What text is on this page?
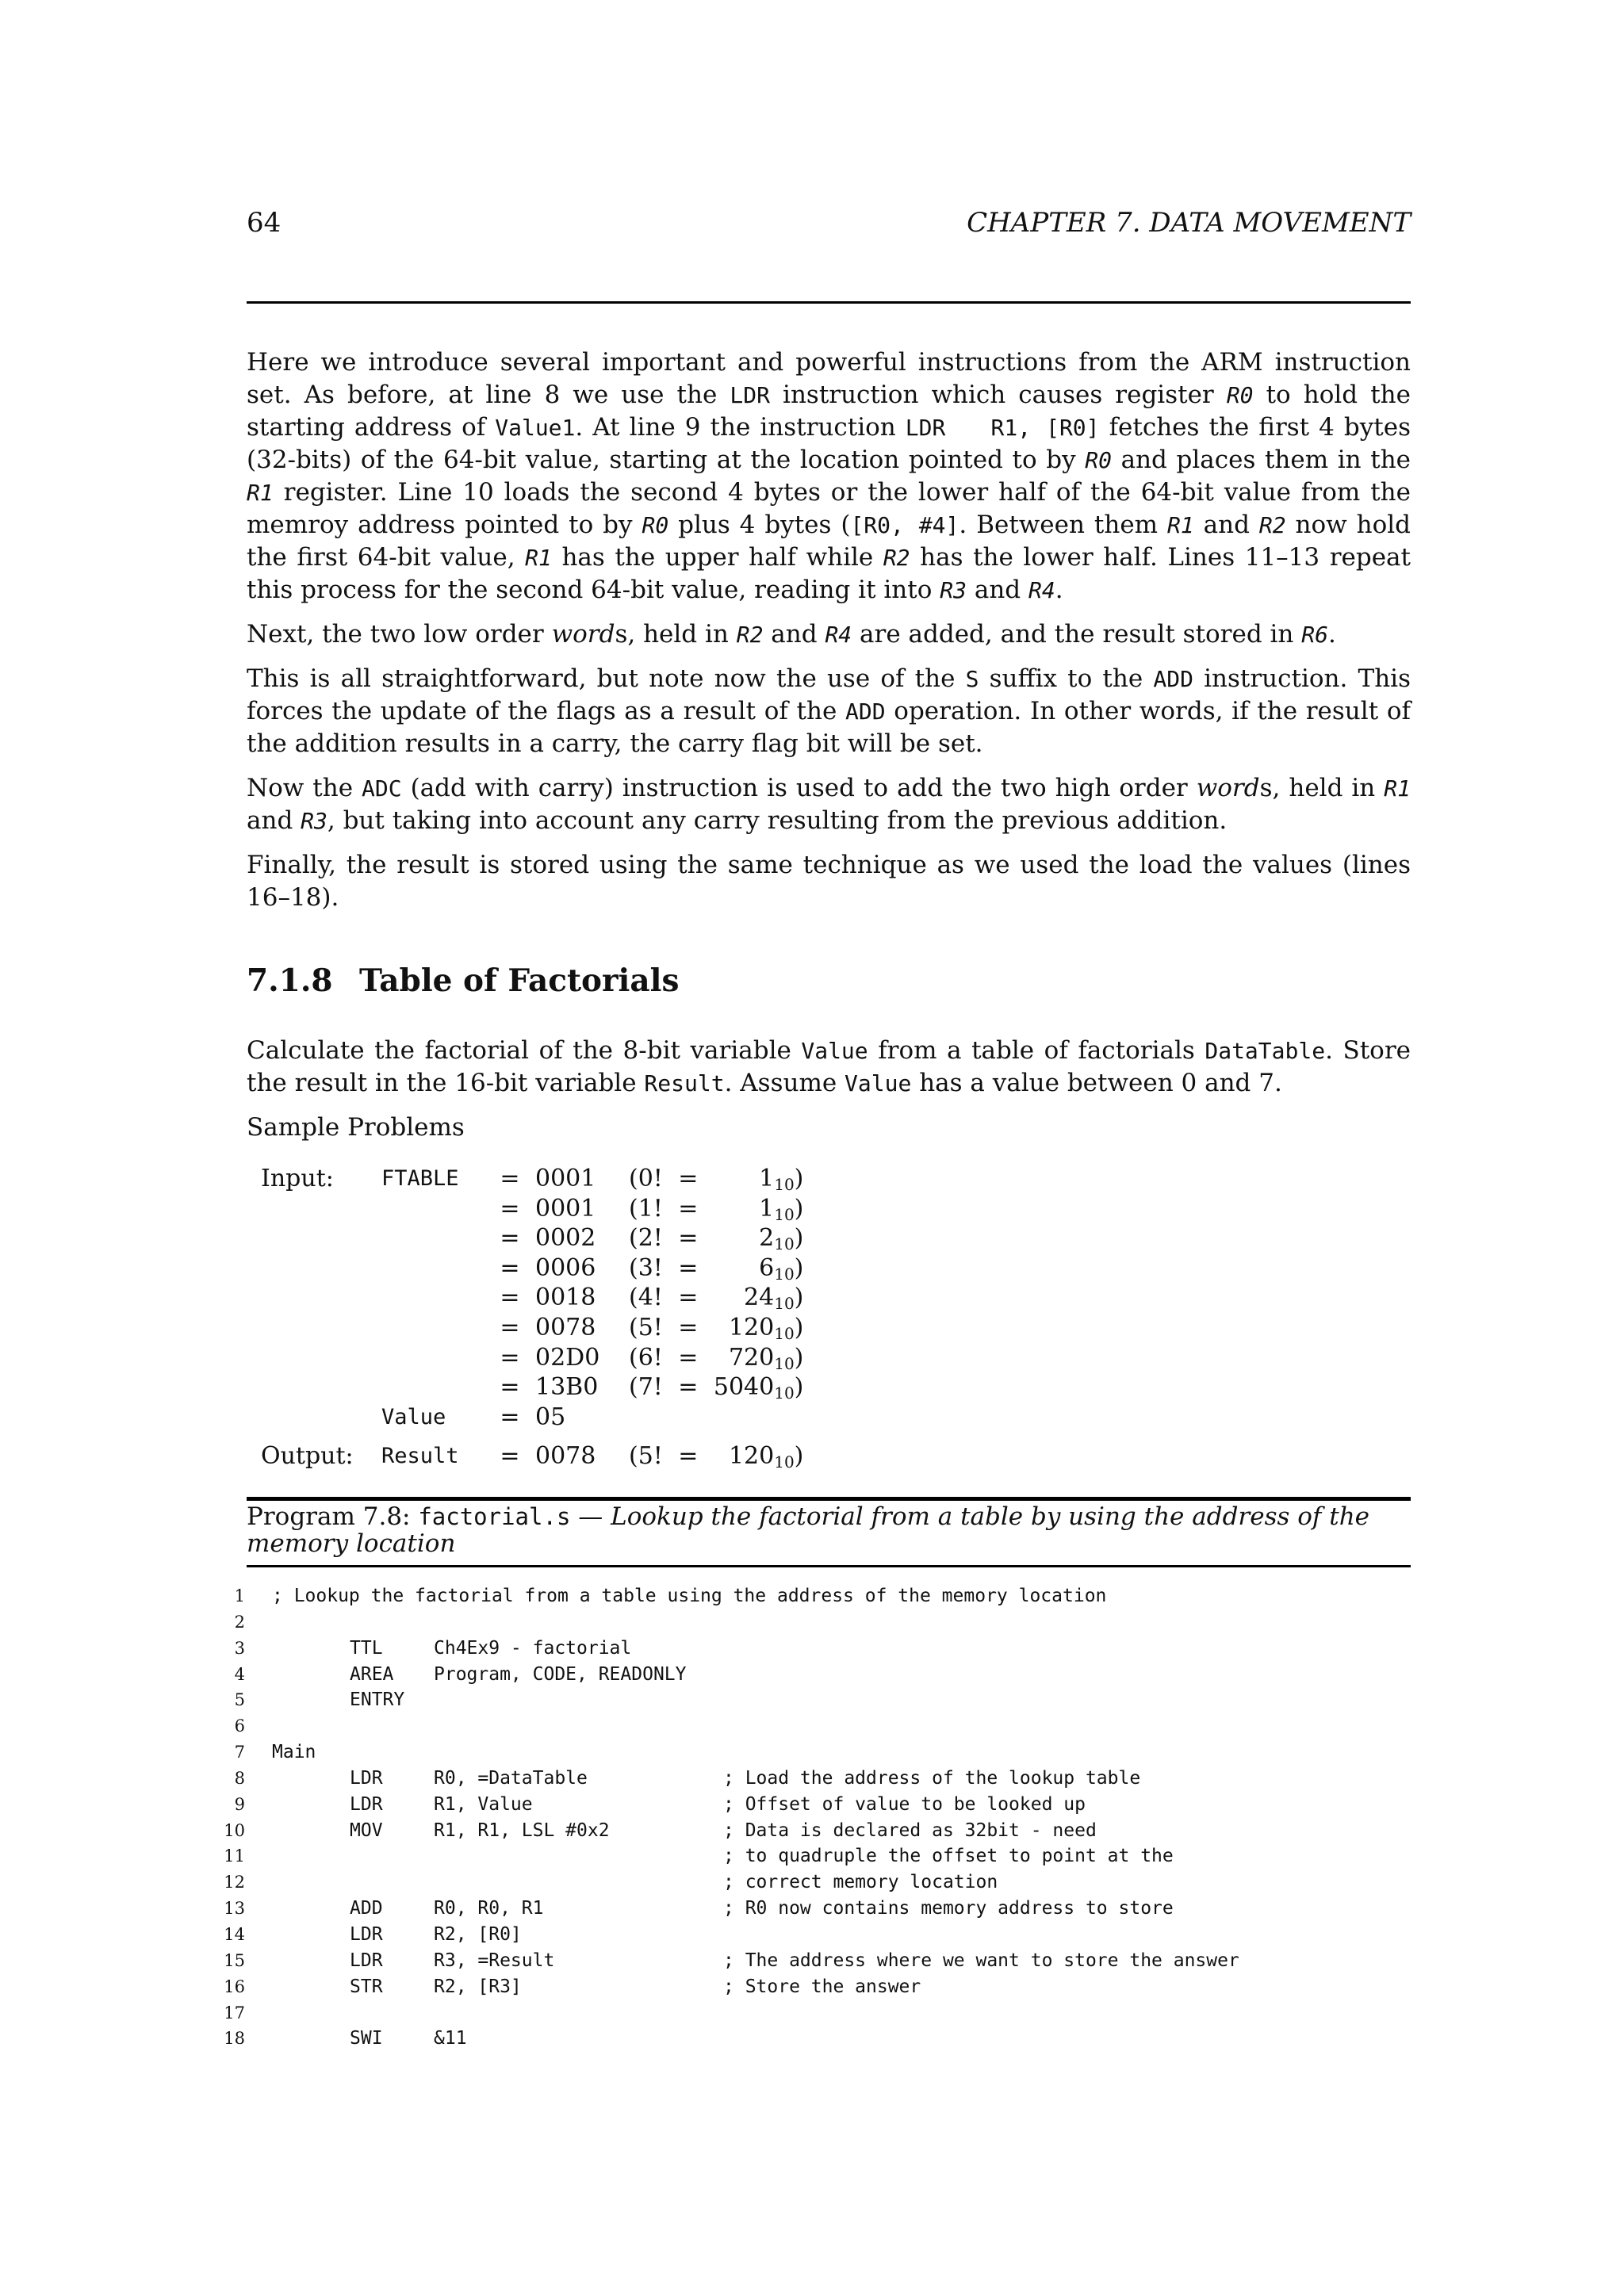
64	CHAPTER 7. DATA MOVEMENT

Here we introduce several important and powerful instructions from the ARM instruction set. As before, at line 8 we use the LDR instruction which causes register R0 to hold the starting address of Value1. At line 9 the instruction LDR   R1, [R0] fetches the first 4 bytes (32-bits) of the 64-bit value, starting at the location pointed to by R0 and places them in the R1 register. Line 10 loads the second 4 bytes or the lower half of the 64-bit value from the memroy address pointed to by R0 plus 4 bytes ([R0, #4]. Between them R1 and R2 now hold the first 64-bit value, R1 has the upper half while R2 has the lower half. Lines 11–13 repeat this process for the second 64-bit value, reading it into R3 and R4.

Next, the two low order words, held in R2 and R4 are added, and the result stored in R6.

This is all straightforward, but note now the use of the S suffix to the ADD instruction. This forces the update of the flags as a result of the ADD operation. In other words, if the result of the addition results in a carry, the carry flag bit will be set.

Now the ADC (add with carry) instruction is used to add the two high order words, held in R1 and R3, but taking into account any carry resulting from the previous addition.

Finally, the result is stored using the same technique as we used the load the values (lines 16–18).

7.1.8 Table of Factorials

Calculate the factorial of the 8-bit variable Value from a table of factorials DataTable. Store the result in the 16-bit variable Result. Assume Value has a value between 0 and 7.

Sample Problems

Input:	FTABLE	=	0001	(0!	=	$1_{10}$	)
		=	0001	(1!	=	$1_{10}$	)
		=	0002	(2!	=	$2_{10}$	)
		=	0006	(3!	=	$6_{10}$	)
		=	0018	(4!	=	$24_{10}$	)
		=	0078	(5!	=	$120_{10}$	)
		=	02D0	(6!	=	$720_{10}$	)
		=	13B0	(7!	=	$5040_{10}$	)
	Value	=	05				

Output:	Result	=	0078	(5!	=	$120_{10}$	)
Program 7.8: factorial.s — Lookup the factorial from a table by using the address of the memory location
1 ; Lookup the factorial from a table using the address of the memory location
2
3	TTL	Ch4Ex9 - factorial
4	AREA Program, CODE, READONLY
5	ENTRY
6
7 Main
8	LDR	R0, =DataTable	; Load the address of the lookup table
9	LDR	R1, Value	; Offset of value to be looked up
10	MOV	R1, R1, LSL #0x2	; Data is declared as 32bit - need
11	; to quadruple the offset to point at the
12	; correct memory location
13	ADD	R0, R0, R1	; R0 now contains memory address to store
14	LDR	R2, [R0]
15	LDR	R3, =Result	; The address where we want to store the answer
16	STR	R2, [R3]	; Store the answer
17
18	SWI	&11
